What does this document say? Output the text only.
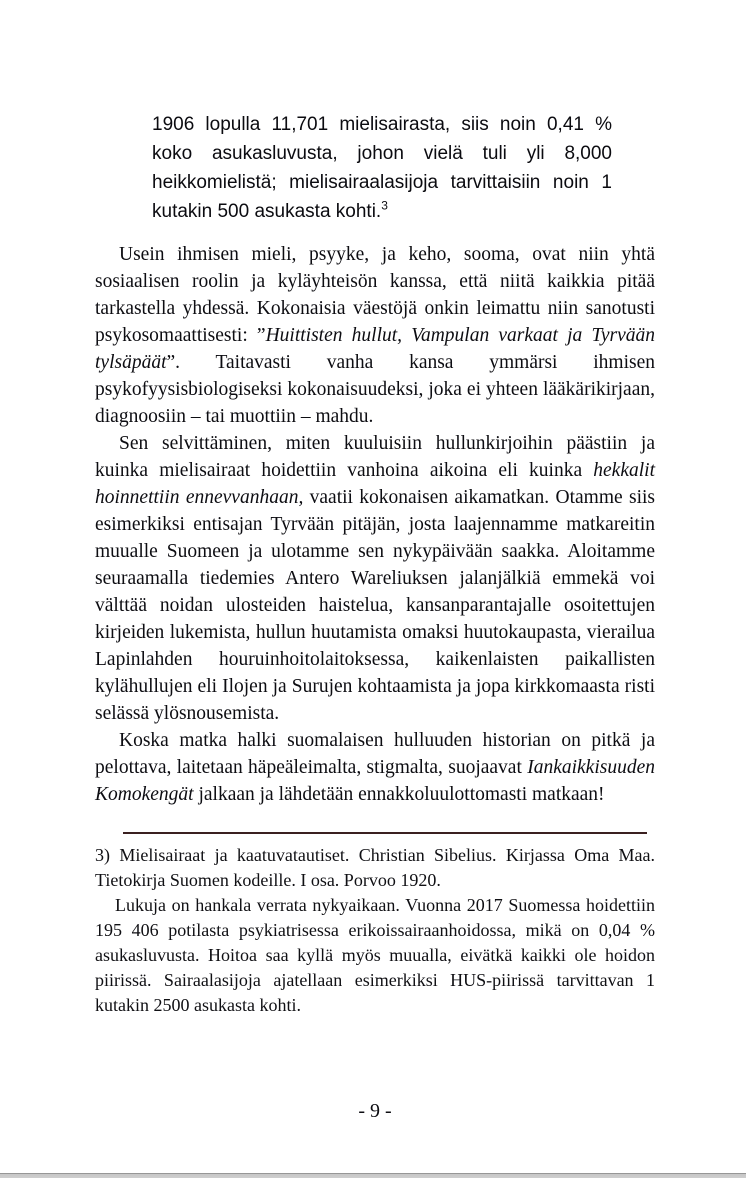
1906 lopulla 11,701 mielisairasta, siis noin 0,41 % koko asukasluvusta, johon vielä tuli yli 8,000 heikkomielistä; mielisairaalasijoja tarvittaisiin noin 1 kutakin 500 asukasta kohti.$^3$

Usein ihmisen mieli, psyyke, ja keho, sooma, ovat niin yhtä sosiaalisen roolin ja kyläyhteisön kanssa, että niitä kaikkia pitää tarkastella yhdessä. Kokonaisia väestöjä onkin leimattu niin sanotusti psykosomaattisesti: ”Huittisten hullut, Vampulan varkaat ja Tyrvään tylsäpäät”. Taitavasti vanha kansa ymmärsi ihmisen psykofyysisbiologiseksi kokonaisuudeksi, joka ei yhteen lääkärikirjaan, diagnoosiin – tai muottiin – mahdu.

Sen selvittäminen, miten kuuluisiin hullunkirjoihin päästiin ja kuinka mielisairaat hoidettiin vanhoina aikoina eli kuinka hekkalit hoinnettiin ennevvanhaan, vaatii kokonaisen aikamatkan. Otamme siis esimerkiksi entisajan Tyrvään pitäjän, josta laajennamme matkareitin muualle Suomeen ja ulotamme sen nykypäivään saakka. Aloitamme seuraamalla tiedemies Antero Wareliuksen jalanjälkiä emmekä voi välttää noidan ulosteiden haistelua, kansanparantajalle osoitettujen kirjeiden lukemista, hullun huutamista omaksi huutokaupasta, vierailua Lapinlahden houruinhoitolaitoksessa, kaikenlaisten paikallisten kylähullujen eli Ilojen ja Surujen kohtaamista ja jopa kirkkomaasta risti selässä ylösnousemista.

Koska matka halki suomalaisen hulluuden historian on pitkä ja pelottava, laitetaan häpeäleimalta, stigmalta, suojaavat Iankaikkisuuden Komokengät jalkaan ja lähdetään ennakkoluulottomasti matkaan!

3) Mielisairaat ja kaatuvatautiset. Christian Sibelius. Kirjassa Oma Maa. Tietokirja Suomen kodeille. I osa. Porvoo 1920.

Lukuja on hankala verrata nykyaikaan. Vuonna 2017 Suomessa hoidettiin 195 406 potilasta psykiatrisessa erikoissairaanhoidossa, mikä on 0,04 % asukasluvusta. Hoitoa saa kyllä myös muualla, eivätkä kaikki ole hoidon piirissä. Sairaalasijoja ajatellaan esimerkiksi HUS-piirissä tarvittavan 1 kutakin 2500 asukasta kohti.

- 9 -
